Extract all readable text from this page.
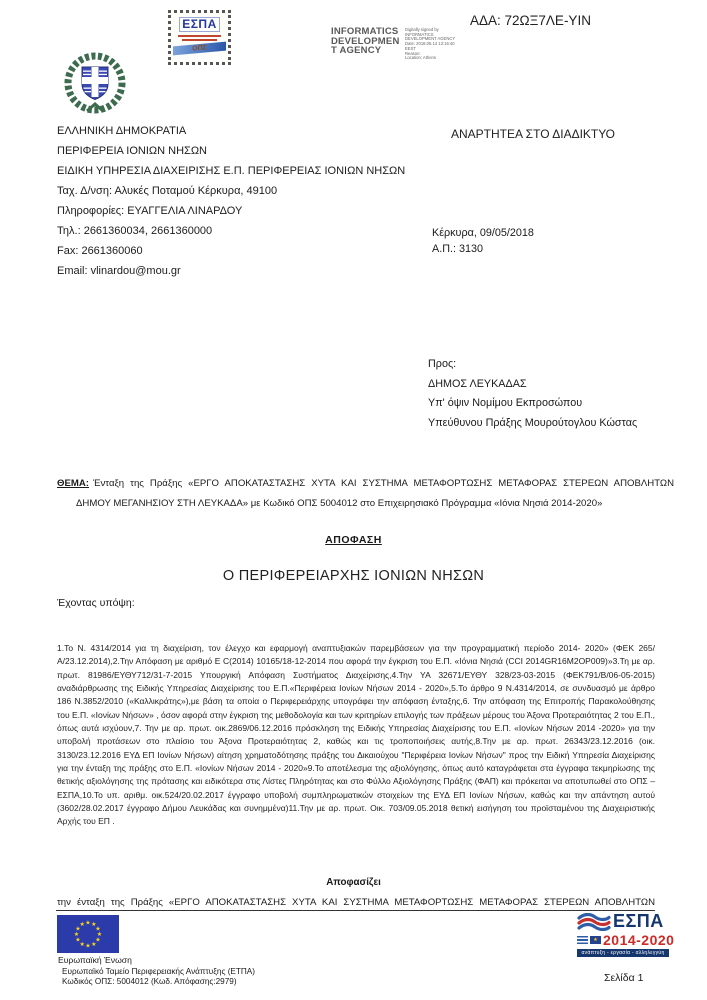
ΕΣΠΑ
ΟΠΣ
ΑΔΑ: 72ΩΞ7ΛΕ-ΥΙΝ
INFORMATICS
DEVELOPMEN
T AGENCY
Digitally signed by
INFORMATICS
DEVELOPMENT AGENCY
Date: 2018.05.14 13:16:40
EEST
Reason:
Location: Athens
ΑΝΑΡΤΗΤΕΑ ΣΤΟ ΔΙΑΔΙΚΤΥΟ
ΕΛΛΗΝΙΚΗ ΔΗΜΟΚΡΑΤΙΑ
ΠΕΡΙΦΕΡΕΙΑ ΙΟΝΙΩΝ ΝΗΣΩΝ
ΕΙΔΙΚΗ ΥΠΗΡΕΣΙΑ ΔΙΑΧΕΙΡΙΣΗΣ Ε.Π. ΠΕΡΙΦΕΡΕΙΑΣ ΙΟΝΙΩΝ ΝΗΣΩΝ
Ταχ. Δ/νση: Αλυκές Ποταμού Κέρκυρα, 49100
Πληροφορίες: ΕΥΑΓΓΕΛΙΑ ΛΙΝΑΡΔΟΥ
Τηλ.: 2661360034, 2661360000
Fax: 2661360060
Email: vlinardou@mou.gr
Κέρκυρα, 09/05/2018
Α.Π.: 3130
Προς:
ΔΗΜΟΣ ΛΕΥΚΑΔΑΣ
Υπ' όψιν Νομίμου Εκπροσώπου
Υπεύθυνου Πράξης Μουρούτογλου Κώστας
ΘΕΜΑ: Ένταξη της Πράξης «ΕΡΓΟ ΑΠΟΚΑΤΑΣΤΑΣΗΣ ΧΥΤΑ ΚΑΙ ΣΥΣΤΗΜΑ ΜΕΤΑΦΟΡΤΩΣΗΣ ΜΕΤΑΦΟΡΑΣ ΣΤΕΡΕΩΝ ΑΠΟΒΛΗΤΩΝ ΔΗΜΟΥ ΜΕΓΑΝΗΣΙΟΥ ΣΤΗ ΛΕΥΚΑΔΑ» με Κωδικό ΟΠΣ 5004012 στο Επιχειρησιακό Πρόγραμμα «Ιόνια Νησιά 2014-2020»
ΑΠΟΦΑΣΗ
Ο ΠΕΡΙΦΕΡΕΙΑΡΧΗΣ ΙΟΝΙΩΝ ΝΗΣΩΝ
Έχοντας υπόψη:
1.Το Ν. 4314/2014 για τη διαχείριση, τον έλεγχο και εφαρμογή αναπτυξιακών παρεμβάσεων για την προγραμματική περίοδο 2014- 2020» (ΦΕΚ 265/Α/23.12.2014),2.Την Απόφαση με αριθμό Ε C(2014) 10165/18-12-2014 που αφορά την έγκριση του Ε.Π. «Ιόνια Νησιά (CCI 2014GR16M2OP009)»3.Τη με αρ. πρωτ. 81986/ΕΥΘΥ712/31-7-2015 Υπουργική Απόφαση Συστήματος Διαχείρισης,4.Την ΥΑ 32671/ΕΥΘΥ 328/23-03-2015 (ΦΕΚ791/Β/06-05-2015) αναδιάρθρωσης της Ειδικής Υπηρεσίας Διαχείρισης του Ε.Π.«Περιφέρεια Ιονίων Νήσων 2014 - 2020»,5.Το άρθρο 9 Ν.4314/2014, σε συνδυασμό με άρθρο 186 Ν.3852/2010 («Καλλικράτης»),με βάση τα οποία ο Περιφερειάρχης υπογράφει την απόφαση ένταξης,6. Την απόφαση της Επιτροπής Παρακολούθησης του Ε.Π. «Ιονίων Νήσων» , όσον αφορά στην έγκριση της μεθοδολογία και των κριτηρίων επιλογής των πράξεων μέρους του Άξονα Προτεραιότητας 2 του Ε.Π., όπως αυτά ισχύουν,7. Την με αρ. πρωτ. οικ.2869/06.12.2016 πρόσκληση της Ειδικής Υπηρεσίας Διαχείρισης του Ε.Π. «Ιονίων Νήσων 2014 -2020» για την υποβολή προτάσεων στο πλαίσιο του Άξονα Προτεραιότητας 2, καθώς και τις τροποποιήσεις αυτής,8.Την με αρ. πρωτ. 26343/23.12.2016 (οικ. 3130/23.12.2016 ΕΥΔ ΕΠ Ιονίων Νήσων) αίτηση χρηματοδότησης πράξης του Δικαιούχου "Περιφέρεια Ιονίων Νήσων" προς την Ειδική Υπηρεσία Διαχείρισης για την ένταξη της πράξης στο Ε.Π. «Ιονίων Νήσων 2014 - 2020»9.Το αποτέλεσμα της αξιολόγησης, όπως αυτό καταγράφεται στα έγγραφα τεκμηρίωσης της θετικής αξιολόγησης της πρότασης και ειδικότερα στις Λίστες Πληρότητας και στο Φύλλο Αξιολόγησης Πράξης (ΦΑΠ) και πρόκειται να αποτυπωθεί στο ΟΠΣ –ΕΣΠΑ,10.Το υπ. αριθμ. οικ.524/20.02.2017 έγγραφο υποβολή συμπληρωματικών στοιχείων της ΕΥΔ ΕΠ Ιονίων Νήσων, καθώς και την απάντηση αυτού (3602/28.02.2017 έγγραφο Δήμου Λευκάδας και συνημμένα)11.Την με αρ. πρωτ. Οικ. 703/09.05.2018 θετική εισήγηση του προϊσταμένου της Διαχειριστικής Αρχής του ΕΠ .
Αποφασίζει
την ένταξη της Πράξης «ΕΡΓΟ ΑΠΟΚΑΤΑΣΤΑΣΗΣ ΧΥΤΑ ΚΑΙ ΣΥΣΤΗΜΑ ΜΕΤΑΦΟΡΤΩΣΗΣ ΜΕΤΑΦΟΡΑΣ ΣΤΕΡΕΩΝ ΑΠΟΒΛΗΤΩΝ
★ ★
★
★
★
★
★
★
★
★
★
★
Ευρωπαϊκή Ένωση
Ευρωπαϊκό Ταμείο Περιφερειακής Ανάπτυξης (ΕΤΠΑ)
Κωδικός ΟΠΣ: 5004012 (Κωδ. Απόφασης:2979)
ΕΣΠΑ
★ 2014-2020
ανάπτυξη - εργασία - αλληλεγγύη
Σελίδα 1
